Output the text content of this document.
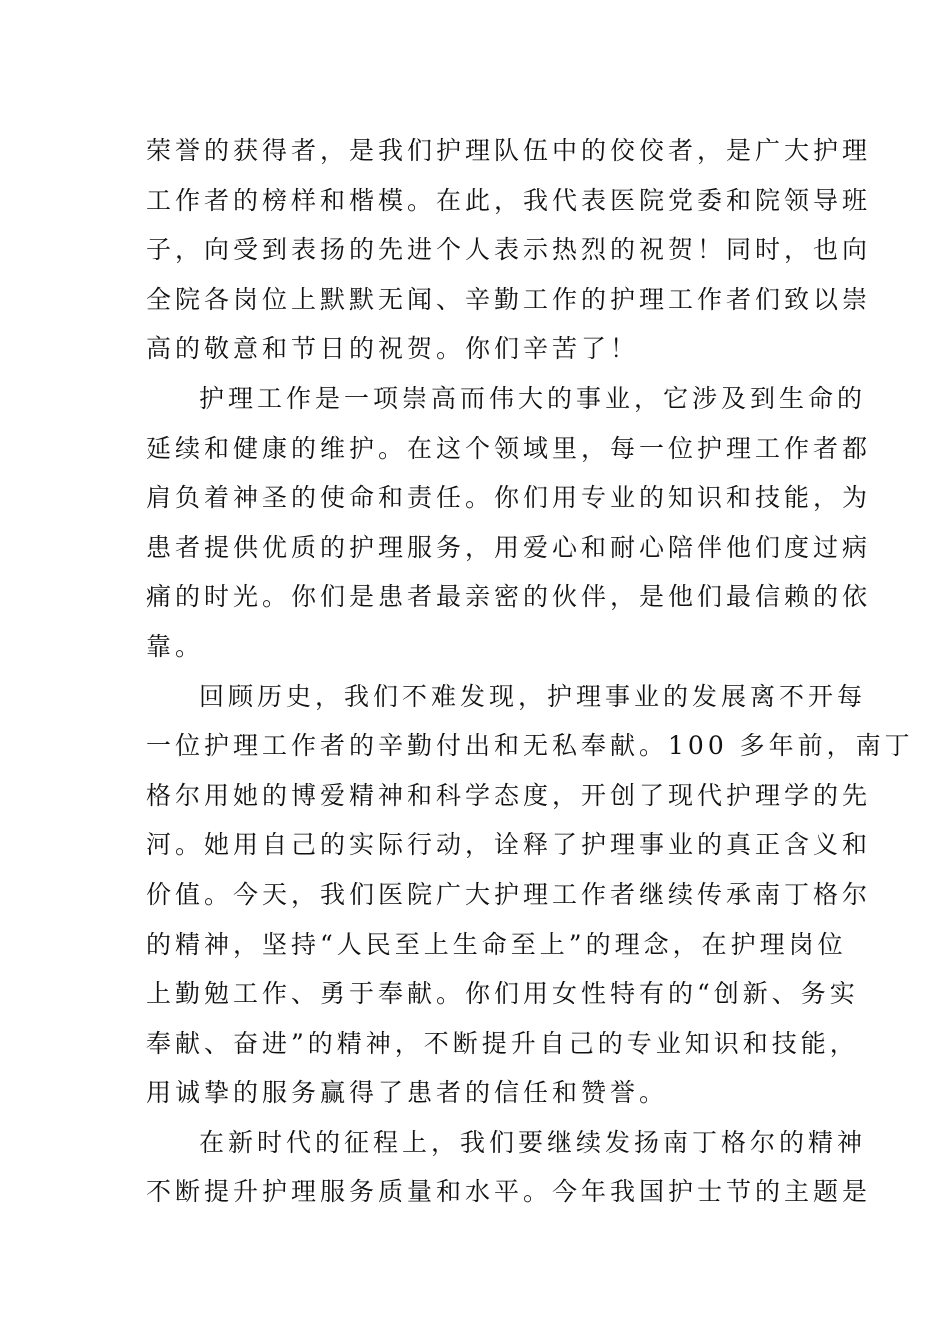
荣誉的获得者，是我们护理队伍中的佼佼者，是广大护理
工作者的榜样和楷模。在此，我代表医院党委和院领导班
子，向受到表扬的先进个人表示热烈的祝贺！同时，也向
全院各岗位上默默无闻、辛勤工作的护理工作者们致以崇
高的敬意和节日的祝贺。你们辛苦了！
护理工作是一项崇高而伟大的事业，它涉及到生命的
延续和健康的维护。在这个领域里，每一位护理工作者都
肩负着神圣的使命和责任。你们用专业的知识和技能，为
患者提供优质的护理服务，用爱心和耐心陪伴他们度过病
痛的时光。你们是患者最亲密的伙伴，是他们最信赖的依
靠。
回顾历史，我们不难发现，护理事业的发展离不开每
一位护理工作者的辛勤付出和无私奉献。100 多年前，南丁
格尔用她的博爱精神和科学态度，开创了现代护理学的先
河。她用自己的实际行动，诠释了护理事业的真正含义和
价值。今天，我们医院广大护理工作者继续传承南丁格尔
的精神，坚持“人民至上生命至上”的理念，在护理岗位
上勤勉工作、勇于奉献。你们用女性特有的“创新、务实
奉献、奋进”的精神，不断提升自己的专业知识和技能，
用诚挚的服务赢得了患者的信任和赞誉。
在新时代的征程上，我们要继续发扬南丁格尔的精神
不断提升护理服务质量和水平。今年我国护士节的主题是
